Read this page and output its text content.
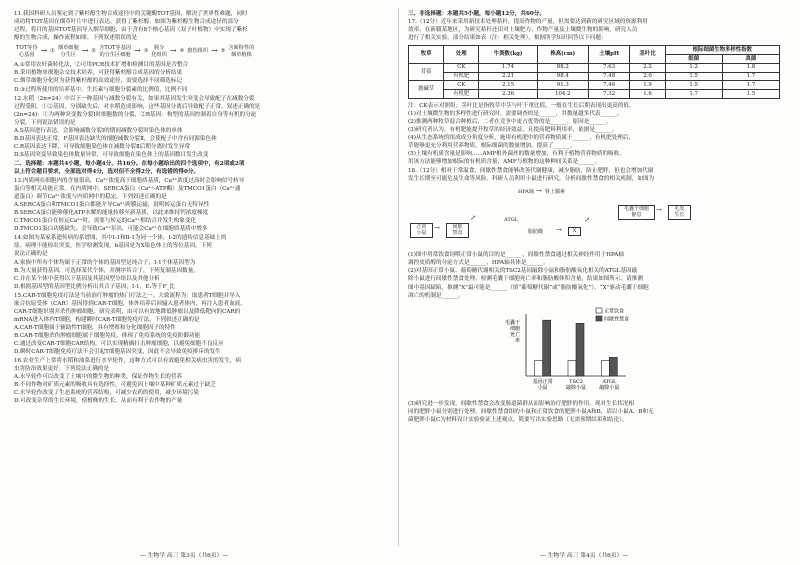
11.我国科研人员鉴定到了紫杉醇生物合成途径中的关键酶TOT基因，解决了世界性难题，同时
成功将TOT基因在烟草叶片中进行表达，获得了紫杉醇。如图为紫杉醇生物合成途径的部分
过程，将目的基因TOT基因导入烟草细胞，由于含有8个核心基因（双子叶植物）中实现了紫杉
醇的生物合成，操作流程如图。下列叙述错误的是
TOT等待
心基因 → ①
烟草细胞
分生区 → ②
含TOT等基因
的分生区细胞 → ③
脱分
化组织 → ④ 愈伤组织 → ⑤
含新特性的
烟草植株
A.①常用农杆菌转化法，②可用PCR技术扩增和检测目的基因是否整合
B.采用植物单细胞杂交技术培养，可获得紫杉醇合成基因的分析结果
C.烟草细胞分化时为获得紫杉醇的高效途径，需要选择不同筛选标记
D.③过程所使用的培养基中，生长素与细胞分裂素的比例值，比例不同
12.水稻（2n=24）中以下一种基因与减数分裂有关，如果其基因发生突变会导致配子在减数分裂
过程受阻。①②基因，分别缺失后，对水稻造成影响，这些基因分离后导致配子正常，叙述正确的是
(2n=24)：①为两种突变数分裂Ⅰ时细胞数的分裂，②R基因：构型的基因控制着自身等有机的分泌
分裂。下列说法错误的是
A.S基因进行表达，会影响减数分裂Ⅰ的期间减数分裂时染色体的单体
B.D基因表达正常，F基因表达缺失的细胞减数分裂Ⅱ，会使配子中含有同源染色体
C.R基因表达下降，可导致细胞染色体在减数分裂Ⅱ后期分离时发生异常
D.S基因突变导致染色体数量异常，可导致细胞在染色体上的基因数目发生改变
二、选择题：本题共4小题，每小题4分，共16分。在每小题给出的四个选项中，有2项或2项
以上符合题目要求，全部选对得4分，选对但不全得2分，有选错的得0分。
13.内质网在细胞内的含量很高，Ca²⁺浓度高于细胞质基质，Ca²⁺浓度过高时会影响信号转导
蛋白等相关功能正常。在内质网中，SERCA蛋白（Ca²⁺-ATP酶）及TMCO1蛋白（Ca²⁺通
道蛋白）调节Ca²⁺浓度与内质网中的稳定。下列叙述正确的是
A.SERCA蛋白和TMCO1蛋白都能介导Ca²⁺跨膜运输，说明转运蛋白无特异性
B.SERCA蛋白能够催化ATP水解的能量转移至新基质，以此来维持钙浓度梯度
C.TMCO1蛋白在转运Ca²⁺时，需要与转运的Ca²⁺相结合并发生构象变化
D.TMCO1蛋白功能缺失，会导致Ca²⁺泵出，可能会Ca²⁺在细胞质基质中增多
14.如图为某家系遗传病的系谱图，其中Ⅰ-1和Ⅱ-1为同一个体，Ⅰ-2的遗传信息基础上的
原。病理不能检出突变，医学检测发现，b基因是为Ⅹ染色体上的等位基因。下列
说法正确的是
A.家族中所有个体均属于正常的个体的基因型是纯合子，Ⅰ-1个体基因型为
B.为大量获得基因，可选择某代个体，并测序其合子，下列复制基因数量，
C.并在某个体中获得以下基因及其基因型分组以及其他分析
D.根据基因型的基因型比例分析出其合子基因，Ⅰ-1，E₁等于F_比
15.CAR-T细胞免疫疗法是当前治疗肿瘤的热门疗法之一。大致流程为：取患者T细胞并导入
嵌合抗原受体（CAR）基因得到CAR-T细胞，体外培养后回输入患者体内，再注入患者血液，
CAR-T细胞识别并杀伤肿瘤细胞。研究表明，由可以有效地降低肿瘤以及降低靶向的CAR的
mRNA进入体内T细胞，构建瞬时CAR-T细胞免疫疗法。下列叙述正确的是
A.CAR-T细胞属于辅助性T细胞，具有增殖和分化细胞因子的特性
B.CAR-T细胞杀伤肿瘤细胞属于细胞免疫，体现了免疫系统的免疫防御功能
C.通过改变CAR-T细胞CAR结构，可以实现精确打击肿瘤细胞，以避免细胞不良反应
D.瞬时CAR-T细胞免疫疗法不会引起T细胞基因突变，因此不会导致免疫排斥的发生
16.农业生产上常将水稻和油菜进行水旱轮作，这种方式可以有效避免相关病虫害的发生，病
虫害防治效果更好。下列说法正确的是
A.水旱轮作可以改变了土壤中的微生物的种类，保证作物生长的营养
B.不同作物对矿质元素的吸收具有选择性，可避免因土壤中某种矿质元素过于缺乏
C.水旱轮作改变了生态系统的营养结构，可减少农药的使用，减少环境污染
D.可改变杂草的生长环境，使植株的生长，从而有利于农作物的产量
— 生物学 高三 第3页（共6页）—
三、非选择题：本题共5小题，每小题12分，共60分。
17.（12分）近年来采用新技术处理秸秆，提高作物的产量，但需要达到新的研究区域的资源利用
效率。在新疆某地区，为研究秸秆还田对土壤肥力、作物产量及土壤微生物的影响，研究人员
进行了相关实验，部分结果如表（注：相关处理），根据所学知识回答以下问题：
牧草	处理	牛粪数(kg)	株高(cm)	土壤pH	茎叶比	根际细菌生物多样性指数	
						细菌	真菌
苜蓿	CK	1.74	88.2	7.63	2.2	1.2	1.8
	有机肥	2.21	98.4	7.48	2.0	1.5	1.7
披碱草	CK	2.15	91.3	7.46	1.9	1.5	1.7
	有机肥	2.36	104.2	7.32	1.6	1.7	1.5
注：CK表示对照组；茎叶比是指牧草中茎与叶干重比值，一般在生长后期表现出更高的值。
(1)对土壤微生物的多样性进行研究时，需要调查的是______，其数量越多代表______。
(2)推测两种牧草混合种植后，二者在竞争中更占优势的是______，原因是______。
(3)研究者认为，有机肥能提升牧草的经济效益，且提高肥料利用率，依据是______。
(4)从生态系统的组成成分角度分析，施用有机肥中的营养物质属于______，有机肥处理后，
草能够更充分利用营养物质，根际细菌的数量增加，提高了______。
(5)土壤有机质含量是影响......AMF根外菌丝的数量增加，有利于植物营养物质的吸收，
用该方法能够增加根际的有机质含量，AMF与植物的这种种间关系是______。
18.（12分）相对于常温食，间歇性禁食能够改善代谢健康，减少脂肪，防止肥胖，但也会增加代谢
发生长期至可能危及生命等风险。科研人员利用小鼠进行研究，分析间歇性禁食的相关机制，如图为
HPA轴 → 肾上腺素
毛囊干细胞
静息
→	毛发
生长
正常
小鼠
→	间歇
禁食	脂肪酸 →	X
ATGL
↗	↗
(1)图中用常饮食饲喂正常小鼠的目的是______，间歇性禁食通过相关神经作用于HPA轴
调控皮质醇的分泌方式是______，HPA轴具体是______。
(2)对基因正常小鼠、葡萄糖代谢相关的TSC2基因敲除小鼠和脂肪酸氧化相关的ATGL基因敲
除小鼠进行间歇性禁食处理，检测毛囊干细胞死亡率和脂肪酸体积含量，结果如图所示，请推测
图中基因缺陷，推测“X”最可能是______（填“葡萄糖代谢”或“脂肪酸氧化”），“X”驱动毛囊干细胞
凋亡的机制是______。
毛囊干
细胞
死亡
率
基因正常
小鼠
TSC2
敲除小鼠
ATGL
敲除小鼠
正常饮食
间歇性禁食
(3)研究进一步发现，间歇性禁食会改变肠道菌群从而影响治疗肥胖的作用。现对生长状况相
同的肥胖小鼠分别进行处理，间歇性禁食组的小鼠和正常饮食的肥胖小鼠A和B，请以小鼠A、B和无
菌肥胖小鼠C为材料设计实验验证上述观点，简要写出实验思路（无需预期结果和结论）。
— 生物学 高三 第4页（共6页）—
